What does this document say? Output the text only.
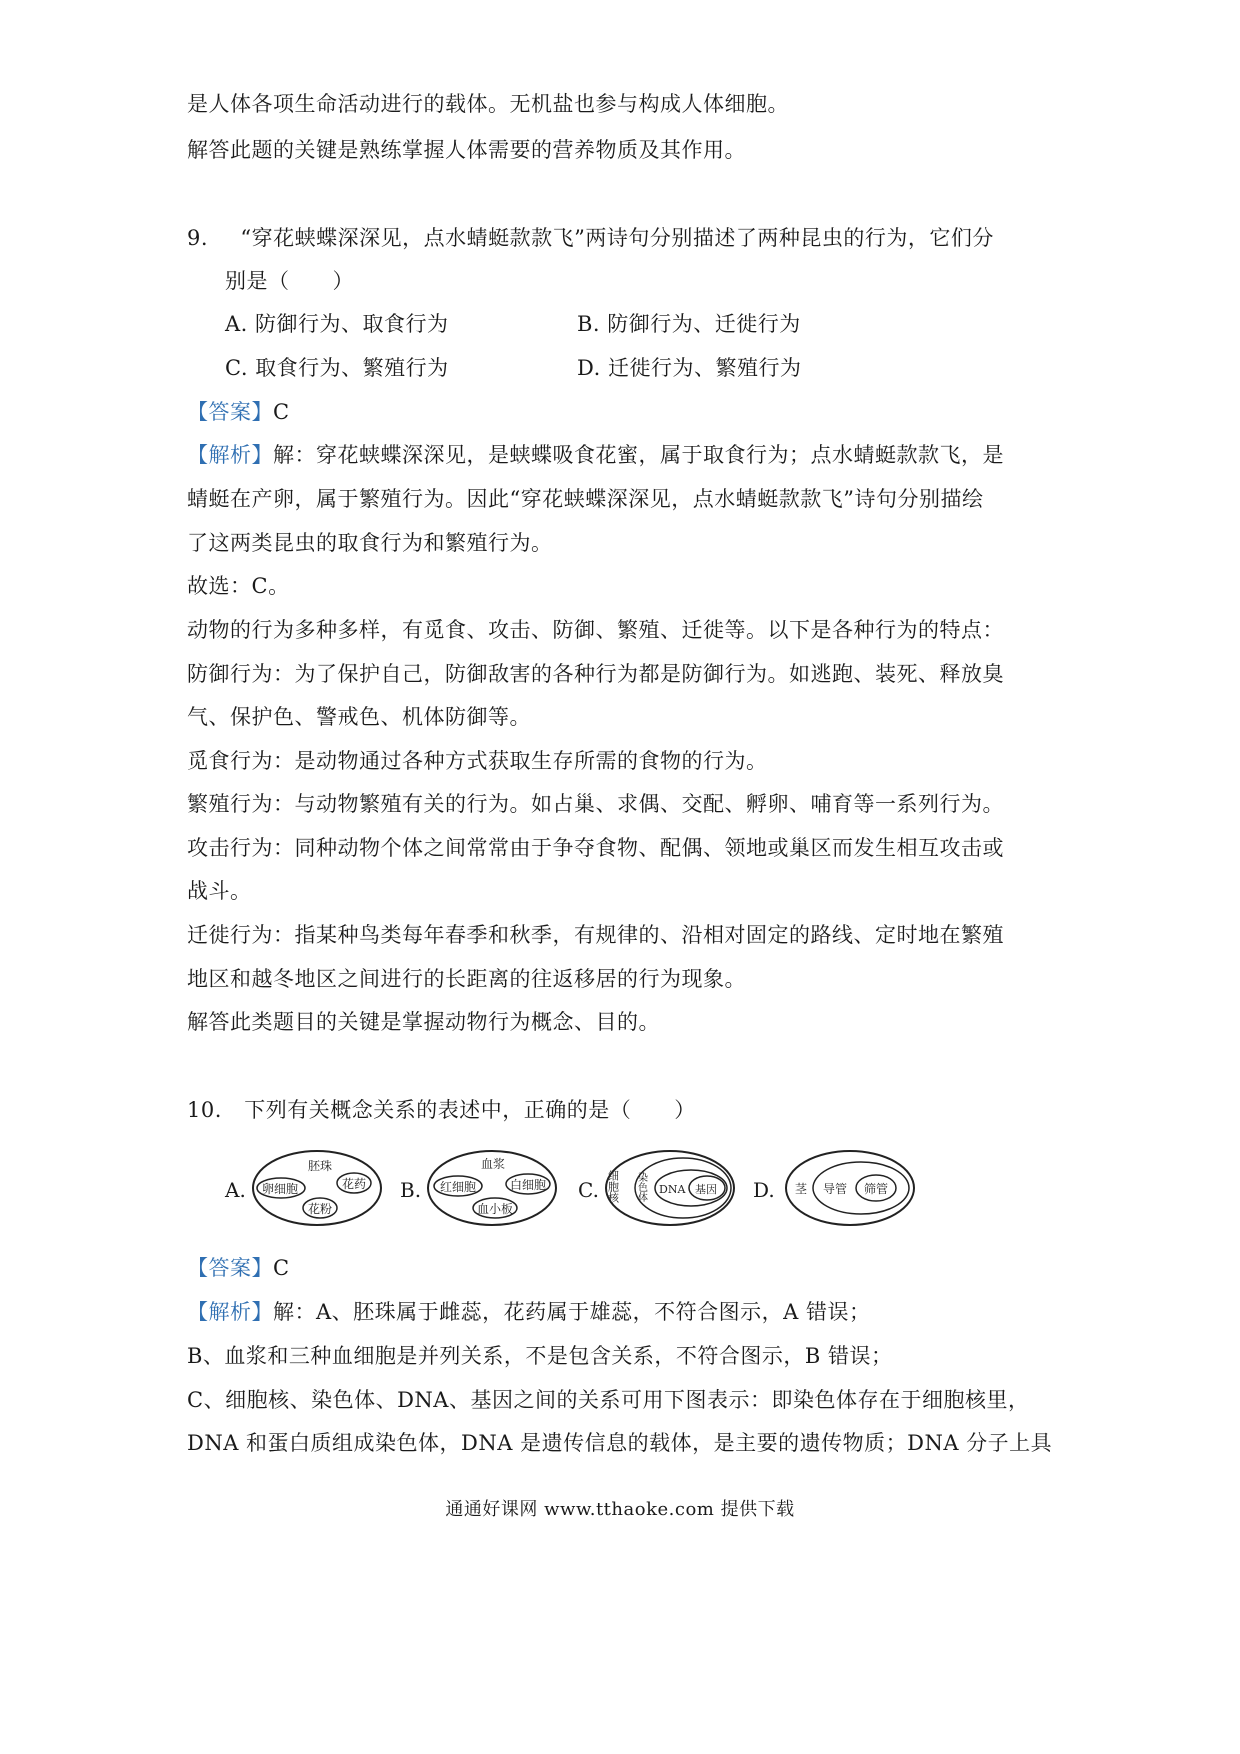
是人体各项生命活动进行的载体。无机盐也参与构成人体细胞。
解答此题的关键是熟练掌握人体需要的营养物质及其作用。
9. “穿花蛱蝶深深见，点水蜻蜓款款飞”两诗句分别描述了两种昆虫的行为，它们分
别是（　　）
A. 防御行为、取食行为	B. 防御行为、迁徙行为
C. 取食行为、繁殖行为	D. 迁徙行为、繁殖行为
【答案】C
【解析】解：穿花蛱蝶深深见，是蛱蝶吸食花蜜，属于取食行为；点水蜻蜓款款飞，是
蜻蜓在产卵，属于繁殖行为。因此“穿花蛱蝶深深见，点水蜻蜓款款飞”诗句分别描绘
了这两类昆虫的取食行为和繁殖行为。
故选：C。
动物的行为多种多样，有觅食、攻击、防御、繁殖、迁徙等。以下是各种行为的特点：
防御行为：为了保护自己，防御敌害的各种行为都是防御行为。如逃跑、装死、释放臭
气、保护色、警戒色、机体防御等。
觅食行为：是动物通过各种方式获取生存所需的食物的行为。
繁殖行为：与动物繁殖有关的行为。如占巢、求偶、交配、孵卵、哺育等一系列行为。
攻击行为：同种动物个体之间常常由于争夺食物、配偶、领地或巢区而发生相互攻击或
战斗。
迁徙行为：指某种鸟类每年春季和秋季，有规律的、沿相对固定的路线、定时地在繁殖
地区和越冬地区之间进行的长距离的往返移居的行为现象。
解答此类题目的关键是掌握动物行为概念、目的。
10. 下列有关概念关系的表述中，正确的是（　　）
A.
胚珠
卵细胞	花药
花粉
B.
血浆
红细胞	白细胞
血小板
C. 细胞核 染色体 DNA 基因 D. 茎 导管 筛管
【答案】C
【解析】解：A、胚珠属于雌蕊，花药属于雄蕊，不符合图示，A 错误；
B、血浆和三种血细胞是并列关系，不是包含关系，不符合图示，B 错误；
C、细胞核、染色体、DNA、基因之间的关系可用下图表示：即染色体存在于细胞核里，
DNA 和蛋白质组成染色体，DNA 是遗传信息的载体，是主要的遗传物质；DNA 分子上具
通通好课网 www.tthaoke.com 提供下载
